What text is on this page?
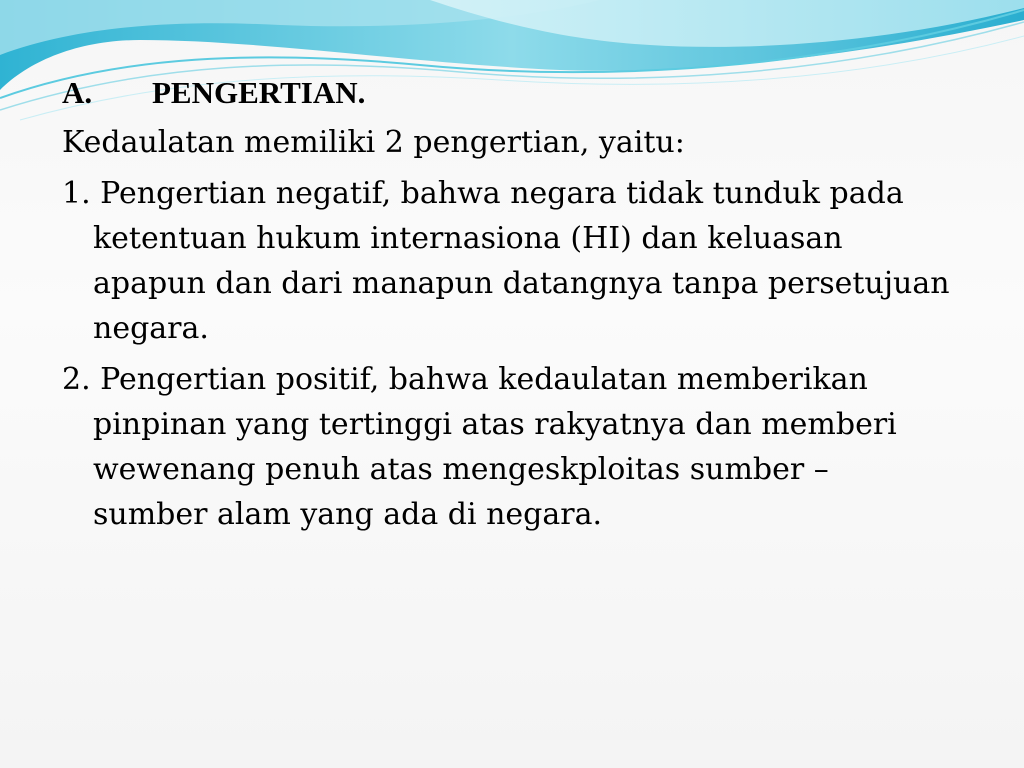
A.	PENGERTIAN.
Kedaulatan memiliki 2 pengertian, yaitu:
1. Pengertian negatif, bahwa negara tidak tunduk pada ketentuan hukum internasiona (HI) dan keluasan apapun dan dari manapun datangnya tanpa persetujuan negara.
2. Pengertian positif, bahwa kedaulatan memberikan pinpinan yang tertinggi atas rakyatnya dan memberi wewenang penuh atas mengeskploitas sumber – sumber alam yang ada di negara.
